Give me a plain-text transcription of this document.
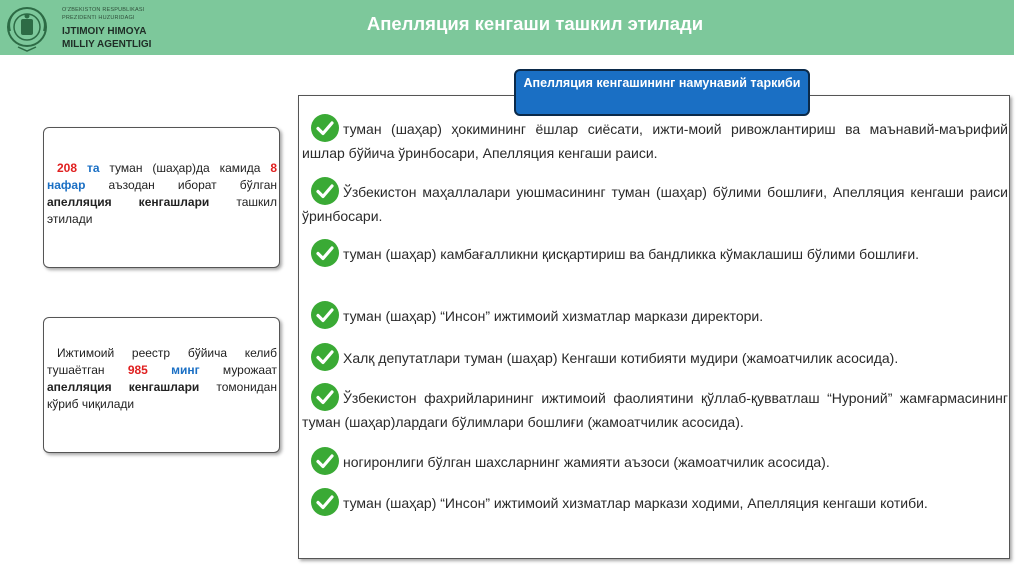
O'ZBEKISTON RESPUBLIKASI
PREZIDENTI HUZURIDAGI
IJTIMOIY HIMOYA
MILLIY AGENTLIGI
Апелляция кенгаши ташкил этилади

208 та туман (шаҳар)да камида 8 нафар аъзодан иборат бўлган апелляция кенгашлари ташкил этилади

Ижтимоий реестр бўйича келиб тушаётган 985 минг мурожаат апелляция кенгашлари томонидан кўриб чиқилади

Апелляция кенгашининг намунавий таркиби
туман (шаҳар) ҳокимининг ёшлар сиёсати, ижти-моий ривожлантириш ва маънавий-маърифий ишлар бўйича ўринбосари, Апелляция кенгаши раиси.
Ўзбекистон маҳаллалари уюшмасининг туман (шаҳар) бўлими бошлиғи, Апелляция кенгаши раиси ўринбосари.
туман (шаҳар) камбағалликни қисқартириш ва бандликка кўмаклашиш бўлими бошлиғи.
туман (шаҳар) “Инсон” ижтимоий хизматлар маркази директори.
Халқ депутатлари туман (шаҳар) Кенгаши котибияти мудири (жамоатчилик асосида).
Ўзбекистон фахрийларининг ижтимоий фаолиятини қўллаб-қувватлаш “Нуроний” жамғармасининг туман (шаҳар)лардаги бўлимлари бошлиғи (жамоатчилик асосида).
ногиронлиги бўлган шахсларнинг жамияти аъзоси (жамоатчилик асосида).
туман (шаҳар) “Инсон” ижтимоий хизматлар маркази ходими, Апелляция кенгаши котиби.
